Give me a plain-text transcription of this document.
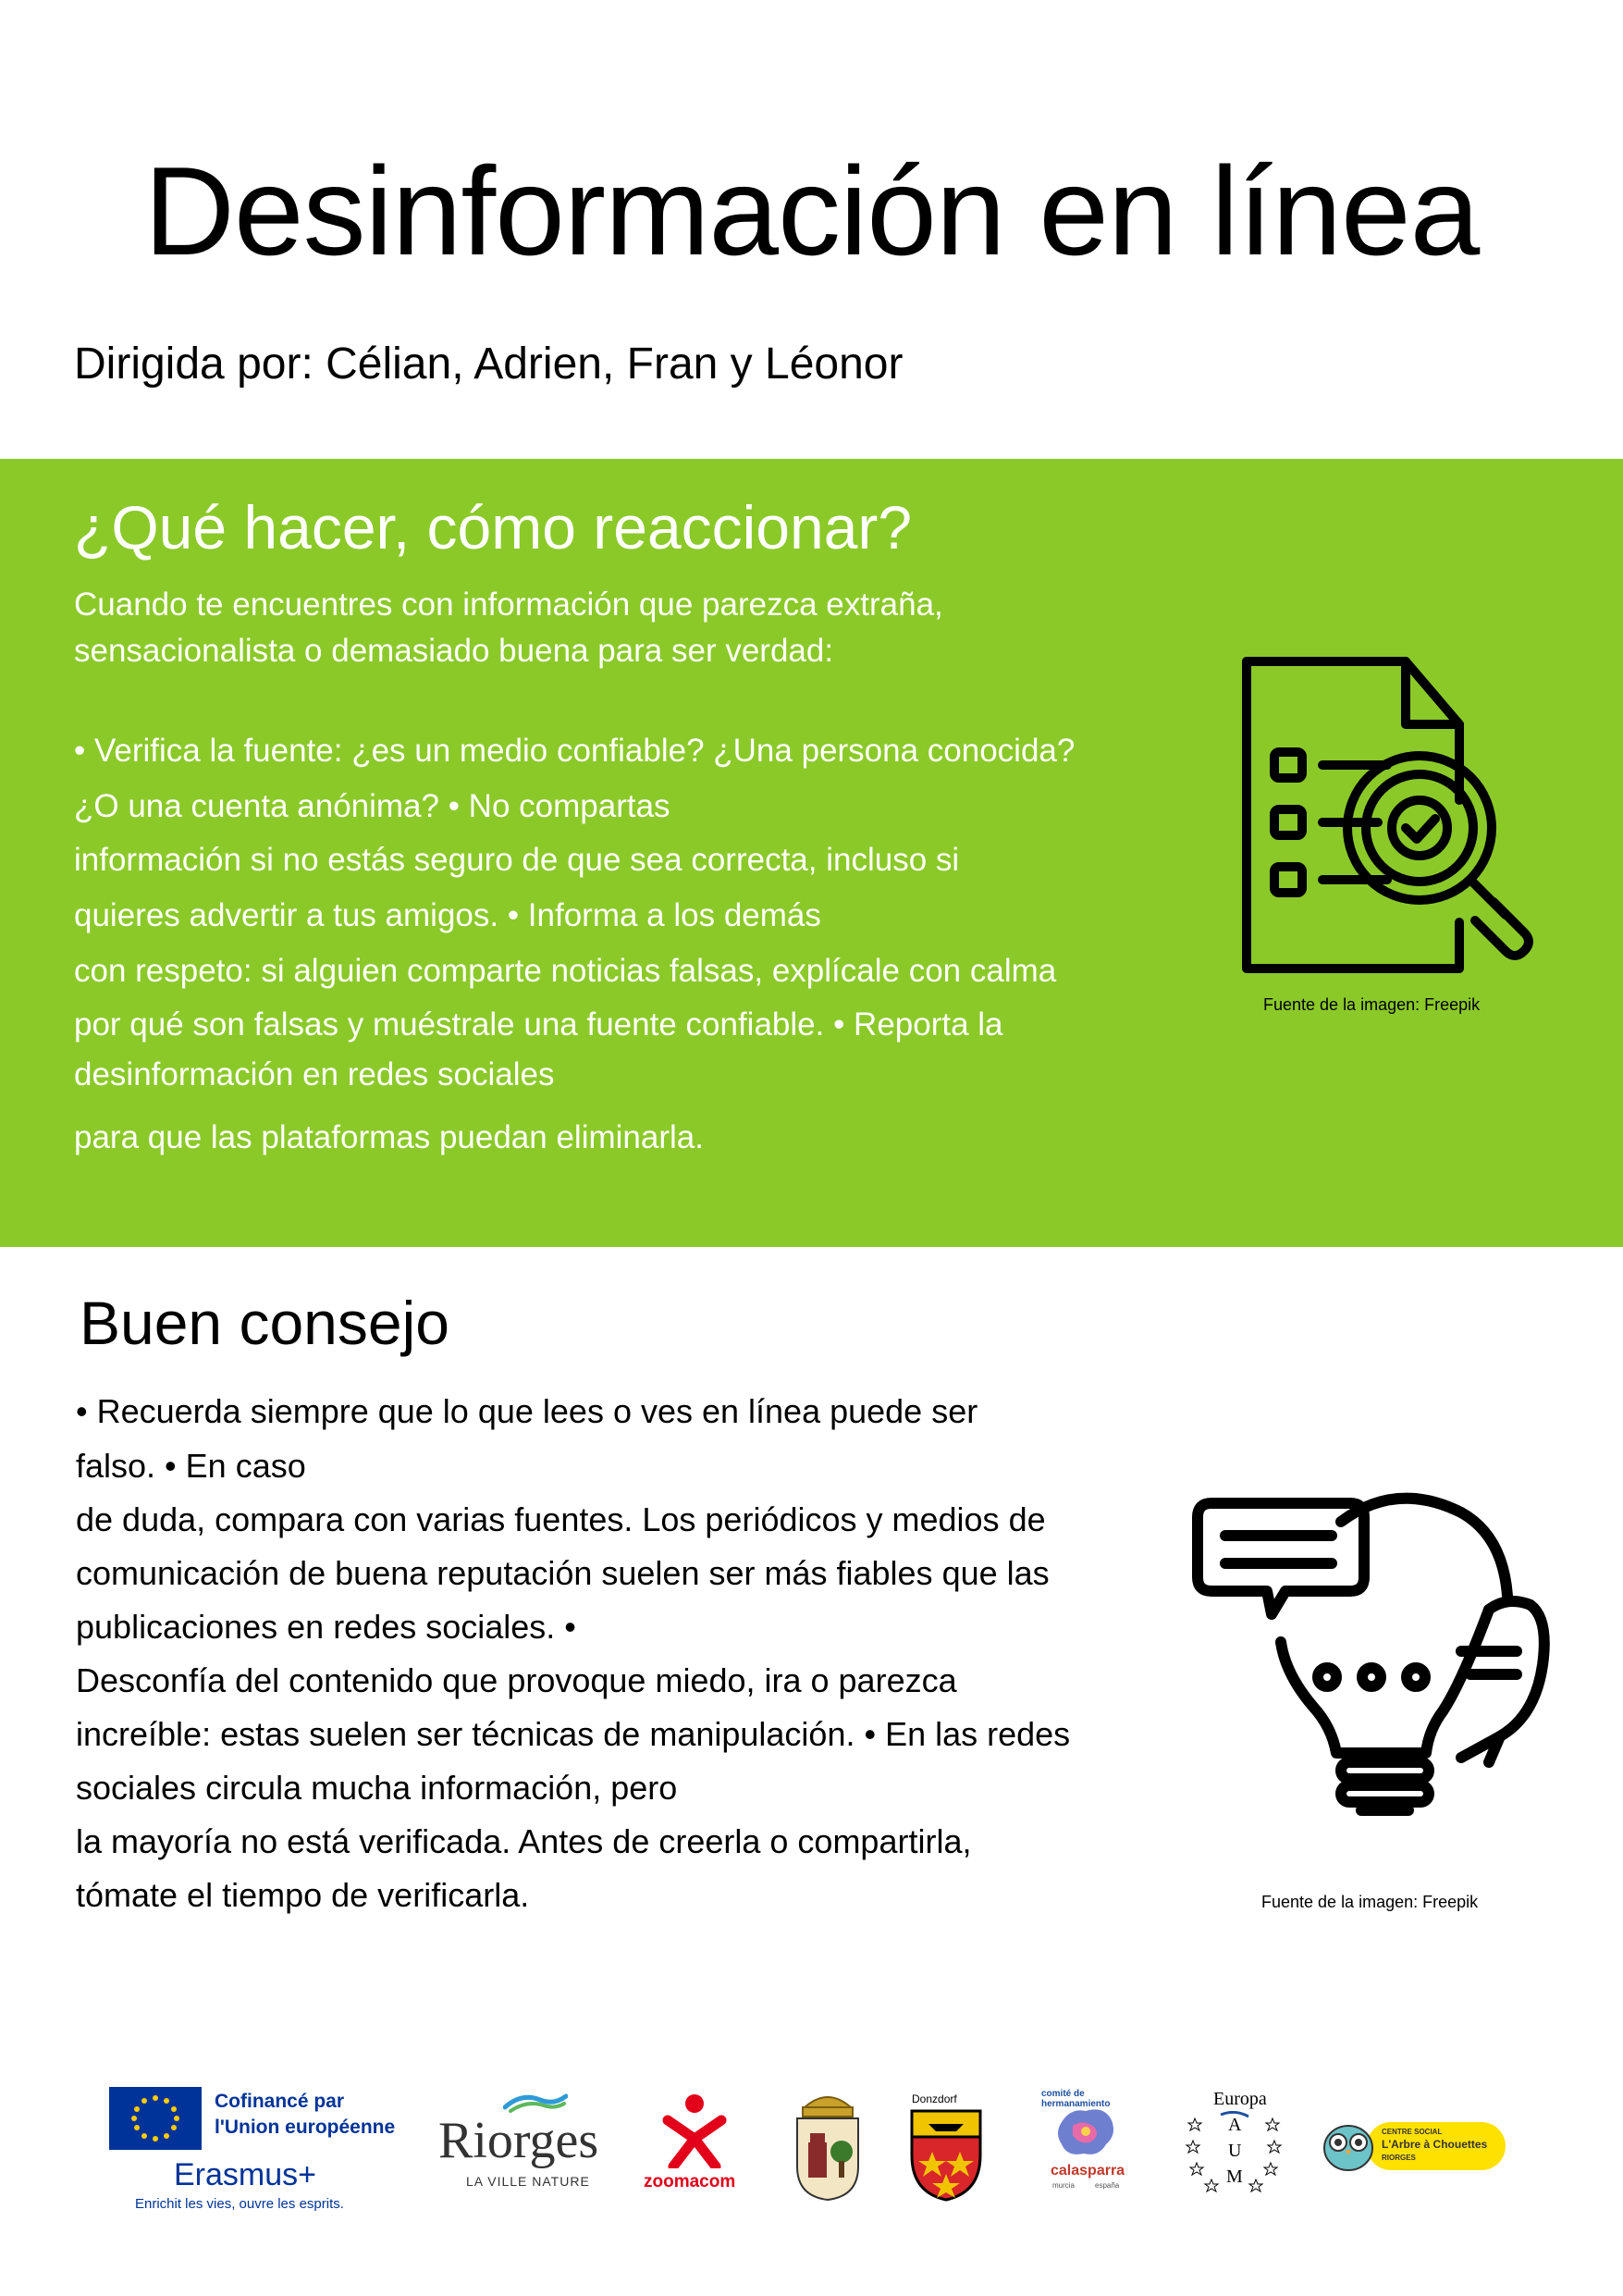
Desinformación en línea
Dirigida por: Célian, Adrien, Fran y Léonor
¿Qué hacer, cómo reaccionar?
Cuando te encuentres con información que parezca extraña,
sensacionalista o demasiado buena para ser verdad:
• Verifica la fuente: ¿es un medio confiable? ¿Una persona conocida?
¿O una cuenta anónima? • No compartas
información si no estás seguro de que sea correcta, incluso si
quieres advertir a tus amigos. • Informa a los demás
con respeto: si alguien comparte noticias falsas, explícale con calma
por qué son falsas y muéstrale una fuente confiable. • Reporta la
desinformación en redes sociales
para que las plataformas puedan eliminarla.
Fuente de la imagen: Freepik
Buen consejo
• Recuerda siempre que lo que lees o ves en línea puede ser
falso. • En caso
de duda, compara con varias fuentes. Los periódicos y medios de
comunicación de buena reputación suelen ser más fiables que las
publicaciones en redes sociales. •
Desconfía del contenido que provoque miedo, ira o parezca
increíble: estas suelen ser técnicas de manipulación. • En las redes
sociales circula mucha información, pero
la mayoría no está verificada. Antes de creerla o compartirla,
tómate el tiempo de verificarla.	Fuente de la imagen: Freepik
Cofinancé par
l'Union européenne
Erasmus+
Enrichit les vies, ouvre les esprits.
Riorges
LA VILLE NATURE	zoomacom
Donzdorf	comité de hermanamiento
calasparra
murcia	españa
Europa
A
U
M
CENTRE SOCIAL
L'Arbre à Chouettes
RIORGES
